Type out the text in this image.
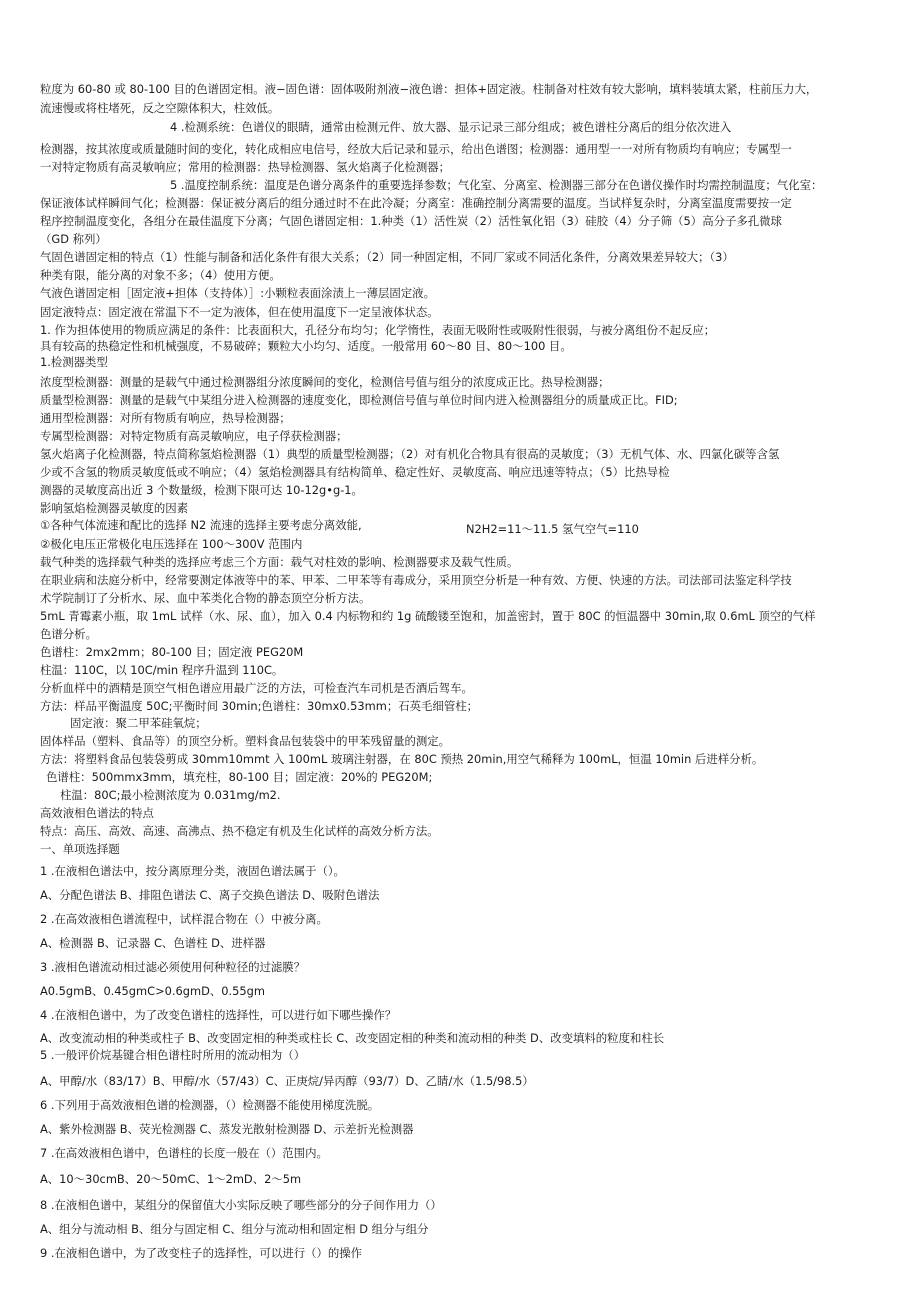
粒度为 60-80 或 80-100 目的色谱固定相。液−固色谱：固体吸附剂液−液色谱：担体+固定液。柱制备对柱效有较大影响，填料装填太紧，柱前压力大，
流速慢或将柱堵死，反之空隙体积大，柱效低。
4 .检测系统：色谱仪的眼睛，通常由检测元件、放大器、显示记录三部分组成；被色谱柱分离后的组分依次进入
检测器，按其浓度或质量随时间的变化，转化成相应电信号，经放大后记录和显示，给出色谱图；检测器：通用型一一对所有物质均有响应；专属型一
一对特定物质有高灵敏响应；常用的检测器：热导检测器、氢火焰离子化检测器；
5 .温度控制系统：温度是色谱分离条件的重要选择参数；气化室、分离室、检测器三部分在色谱仪操作时均需控制温度；气化室：
保证液体试样瞬间气化；检测器：保证被分离后的组分通过时不在此冷凝；分离室：准确控制分离需要的温度。当试样复杂时，分离室温度需要按一定
程序控制温度变化，各组分在最佳温度下分离；气固色谱固定相：1.种类（1）活性炭（2）活性氧化铝（3）硅胶（4）分子筛（5）高分子多孔微球
（GD 称列）
气固色谱固定相的特点（1）性能与制备和活化条件有很大关系；（2）同一种固定相，不同厂家或不同活化条件，分离效果差异较大；（3）
种类有限，能分离的对象不多；（4）使用方便。
气液色谱固定相［固定液+担体（支持体）］:小颗粒表面涂渍上一薄层固定液。
固定液特点：固定液在常温下不一定为液体，但在使用温度下一定呈液体状态。
1. 作为担体使用的物质应满足的条件：比表面积大，孔径分布均匀；化学惰性，表面无吸附性或吸附性很弱，与被分离组份不起反应；
具有较高的热稳定性和机械强度，不易破碎；颗粒大小均匀、适度。一般常用 60～80 目、80～100 目。
1.检测器类型
浓度型检测器：测量的是载气中通过检测器组分浓度瞬间的变化，检测信号值与组分的浓度成正比。热导检测器；
质量型检测器：测量的是载气中某组分进入检测器的速度变化，即检测信号值与单位时间内进入检测器组分的质量成正比。FID;
通用型检测器：对所有物质有响应，热导检测器；
专属型检测器：对特定物质有高灵敏响应，电子俘获检测器；
氢火焰离子化检测器，特点简称氢焰检测器（1）典型的质量型检测器；（2）对有机化合物具有很高的灵敏度；（3）无机气体、水、四氯化碳等含氢
少或不含氢的物质灵敏度低或不响应；（4）氢焰检测器具有结构简单、稳定性好、灵敏度高、响应迅速等特点；（5）比热导检
测器的灵敏度高出近 3 个数量级，检测下限可达 10-12g•g-1。
影响氢焰检测器灵敏度的因素
①各种气体流速和配比的选择 N2 流速的选择主要考虑分离效能,	N2H2=11〜11.5 氢气空气=110
②极化电压正常极化电压选择在 100〜300V 范围内
载气种类的选择载气种类的选择应考虑三个方面：载气对柱效的影响、检测器要求及载气性质。
在职业病和法庭分析中，经常要测定体液等中的苯、甲苯、二甲苯等有毒成分，采用顶空分析是一种有效、方便、快速的方法。司法部司法鉴定科学技
术学院制订了分析水、尿、血中苯类化合物的静态顶空分析方法。
5mL 青霉素小瓶，取 1mL 试样（水、尿、血），加入 0.4 内标物和约 1g 硫酸镂至饱和，加盖密封，置于 80C 的恒温器中 30min,取 0.6mL 顶空的气样
色谱分析。
色谱柱：2mx2mm；80-100 目；固定液 PEG20M
柱温：110C，以 10C/min 程序升温到 110C。
分析血样中的酒精是顶空气相色谱应用最广泛的方法，可检查汽车司机是否酒后驾车。
方法：样品平衡温度 50C;平衡时间 30min;色谱柱：30mx0.53mm；石英毛细管柱；
固定液：聚二甲苯硅氧烷；
固体样品（塑料、食品等）的顶空分析。塑料食品包装袋中的甲苯残留量的测定。
方法：将塑料食品包装袋剪成 30mm10mmt 入 100mL 玻璃注射器，在 80C 预热 20min,用空气稀释为 100mL，恒温 10min 后进样分析。
色谱柱：500mmx3mm，填充柱，80-100 目；固定液：20%的 PEG20M;
柱温：80C;最小检测浓度为 0.031mg/m2.
高效液相色谱法的特点
特点：高压、高效、高速、高沸点、热不稳定有机及生化试样的高效分析方法。
一、单项选择题
1 .在液相色谱法中，按分离原理分类，液固色谱法属于（）。
A、分配色谱法 B、排阻色谱法 C、离子交换色谱法 D、吸附色谱法
2 .在高效液相色谱流程中，试样混合物在（）中被分离。
A、检测器 B、记录器 C、色谱柱 D、进样器
3 .液相色谱流动相过滤必须使用何种粒径的过滤膜？
A0.5gmB、0.45gmC>0.6gmD、0.55gm
4 .在液相色谱中，为了改变色谱柱的选择性，可以进行如下哪些操作？
A、改变流动相的种类或柱子 B、改变固定相的种类或柱长 C、改变固定相的种类和流动相的种类 D、改变填料的粒度和柱长
5 .一般评价烷基键合相色谱柱时所用的流动相为（）
A、甲醇/水（83/17）B、甲醇/水（57/43）C、正庚烷/异丙醇（93/7）D、乙睛/水（1.5/98.5）
6 .下列用于高效液相色谱的检测器，（）检测器不能使用梯度洗脱。
A、紫外检测器 B、荧光检测器 C、蒸发光散射检测器 D、示差折光检测器
7 .在高效液相色谱中，色谱柱的长度一般在（）范围内。
A、10〜30cmB、20〜50mC、1〜2mD、2〜5m
8 .在液相色谱中，某组分的保留值大小实际反映了哪些部分的分子间作用力（）
A、组分与流动相 B、组分与固定相 C、组分与流动相和固定相 D 组分与组分
9 .在液相色谱中，为了改变柱子的选择性，可以进行（）的操作
